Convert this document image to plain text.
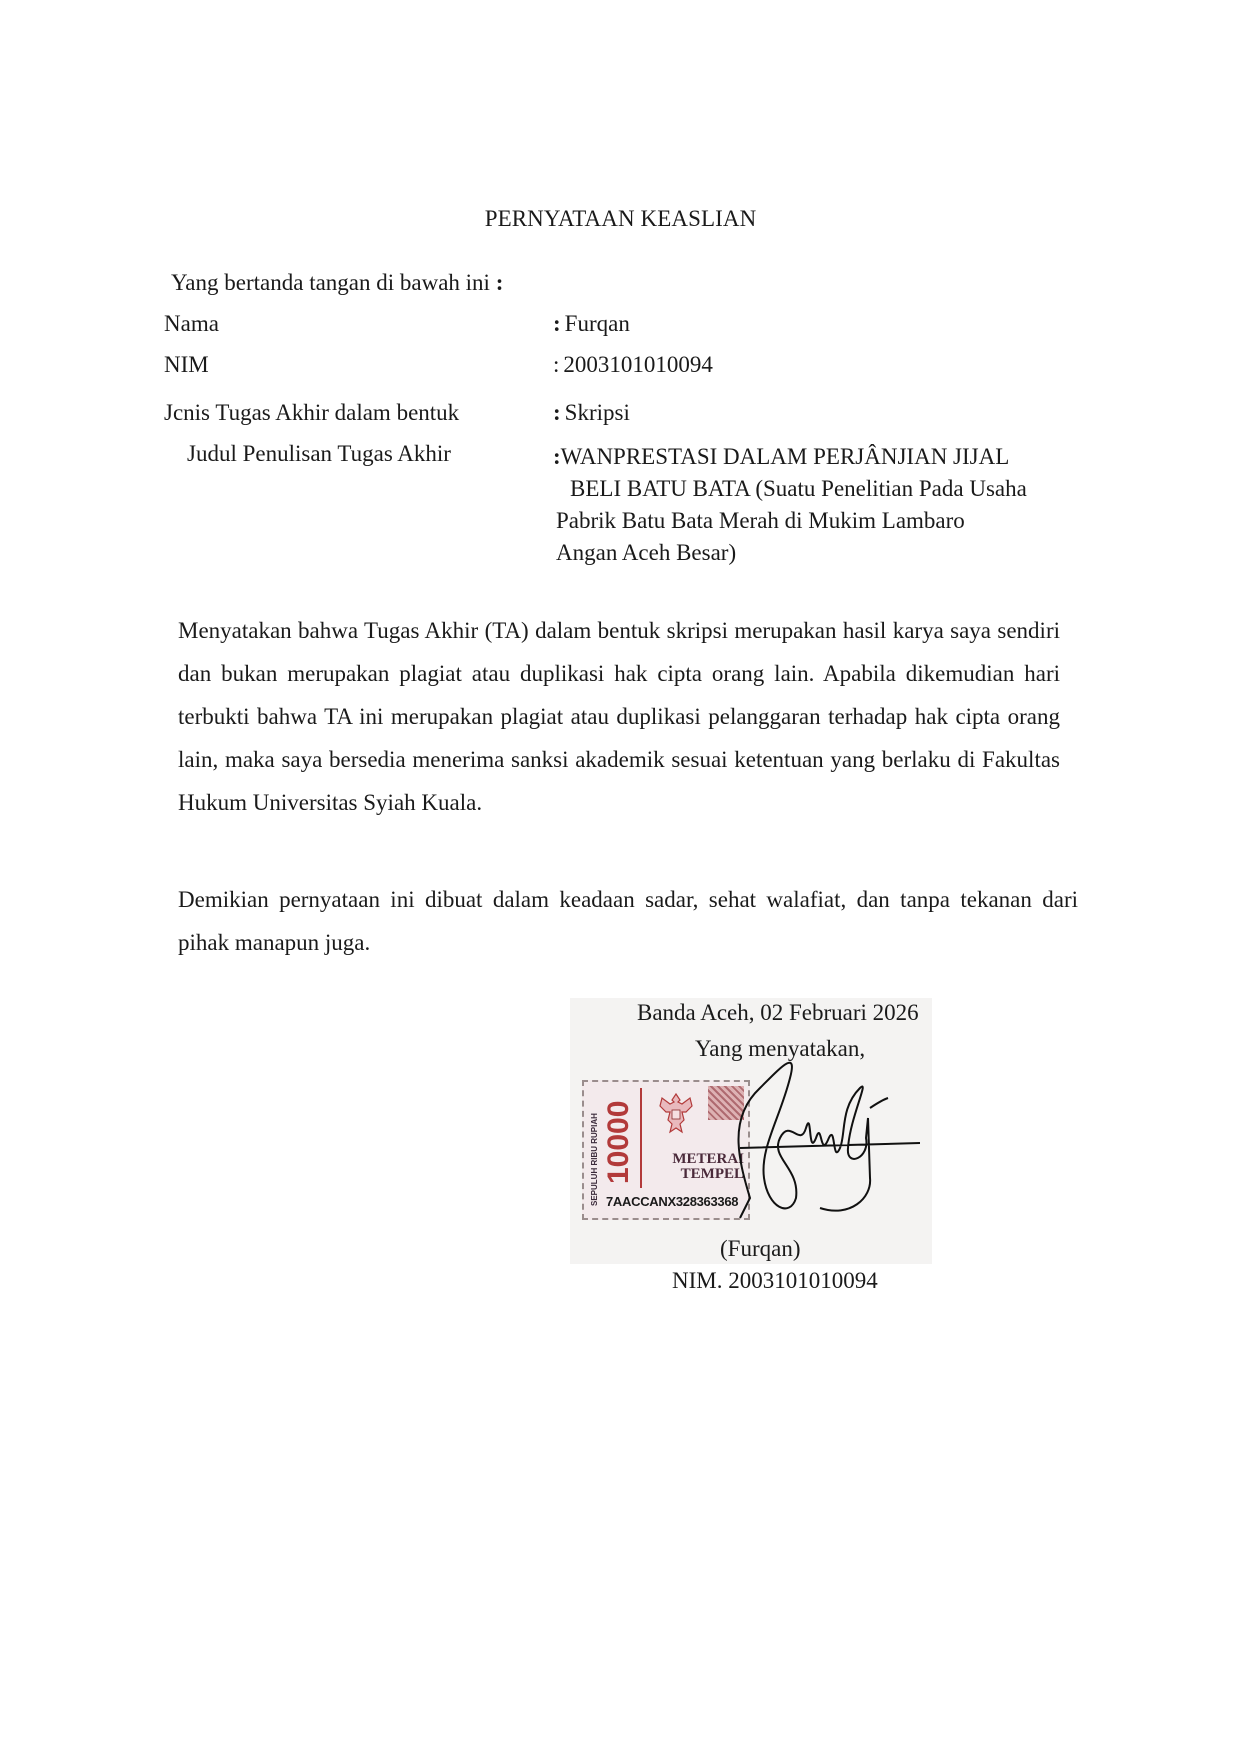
PERNYATAAN KEASLIAN
Yang bertanda tangan di bawah ini :
Nama	: Furqan
NIM	: 2003101010094
Jcnis Tugas Akhir dalam bentuk	: Skripsi
Judul Penulisan Tugas Akhir	:WANPRESTASI DALAM PERJÂNJIAN JIJAL
BELI BATU BATA (Suatu Penelitian Pada Usaha
Pabrik Batu Bata Merah di Mukim Lambaro
Angan Aceh Besar)

Menyatakan bahwa Tugas Akhir (TA) dalam bentuk skripsi merupakan hasil karya saya sendiri dan bukan merupakan plagiat atau duplikasi hak cipta orang lain. Apabila dikemudian hari terbukti bahwa TA ini merupakan plagiat atau duplikasi pelanggaran terhadap hak cipta orang lain, maka saya bersedia menerima sanksi akademik sesuai ketentuan yang berlaku di Fakultas Hukum Universitas Syiah Kuala.

Demikian pernyataan ini dibuat dalam keadaan sadar, sehat walafiat, dan tanpa tekanan dari pihak manapun juga.

Banda Aceh, 02 Februari 2026
Yang menyatakan,
SEPULUH RIBU RUPIAH 10000	METERAI
TEMPEL
7AACCANX328363368
(Furqan)
NIM. 2003101010094
